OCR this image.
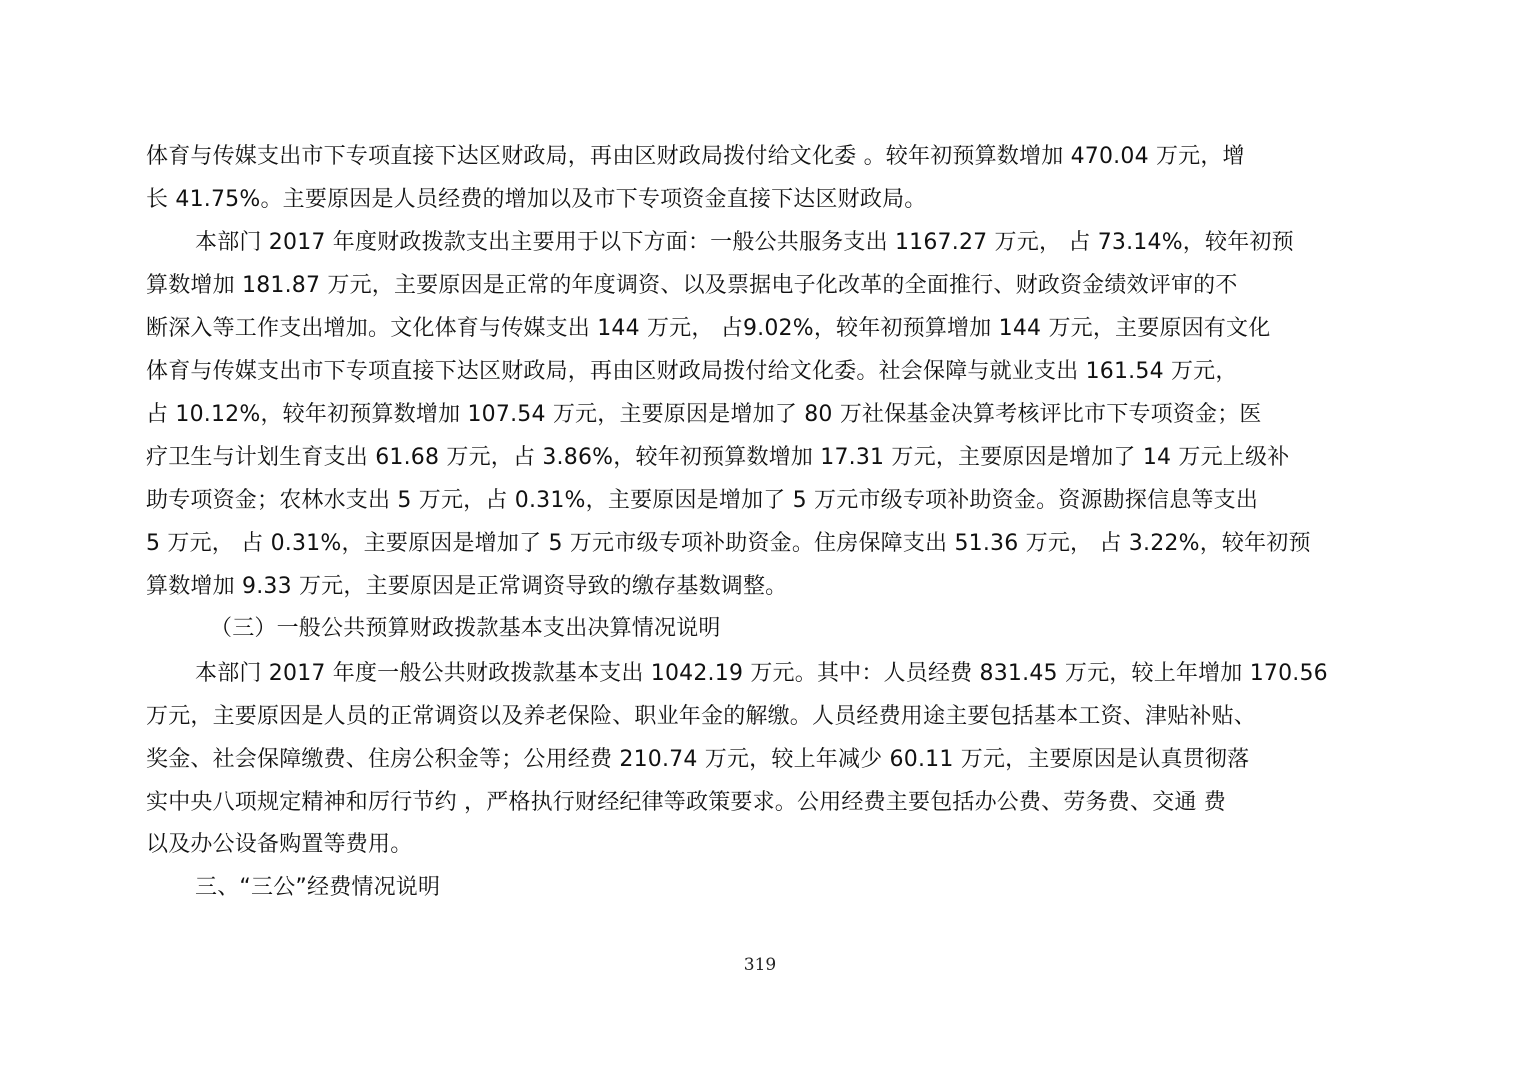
体育与传媒支出市下专项直接下达区财政局，再由区财政局拨付给文化委 。较年初预算数增加 470.04 万元，增
长 41.75%。主要原因是人员经费的增加以及市下专项资金直接下达区财政局。
本部门 2017 年度财政拨款支出主要用于以下方面：一般公共服务支出 1167.27 万元， 占 73.14%，较年初预
算数增加 181.87 万元，主要原因是正常的年度调资、以及票据电子化改革的全面推行、财政资金绩效评审的不
断深入等工作支出增加。文化体育与传媒支出 144 万元， 占9.02%，较年初预算增加 144 万元，主要原因有文化
体育与传媒支出市下专项直接下达区财政局，再由区财政局拨付给文化委。社会保障与就业支出 161.54 万元，
占 10.12%，较年初预算数增加 107.54 万元，主要原因是增加了 80 万社保基金决算考核评比市下专项资金；医
疗卫生与计划生育支出 61.68 万元，占 3.86%，较年初预算数增加 17.31 万元，主要原因是增加了 14 万元上级补
助专项资金；农林水支出 5 万元，占 0.31%，主要原因是增加了 5 万元市级专项补助资金。资源勘探信息等支出
5 万元， 占 0.31%，主要原因是增加了 5 万元市级专项补助资金。住房保障支出 51.36 万元， 占 3.22%，较年初预
算数增加 9.33 万元，主要原因是正常调资导致的缴存基数调整。
（三）一般公共预算财政拨款基本支出决算情况说明
本部门 2017 年度一般公共财政拨款基本支出 1042.19 万元。其中：人员经费 831.45 万元，较上年增加 170.56
万元，主要原因是人员的正常调资以及养老保险、职业年金的解缴。人员经费用途主要包括基本工资、津贴补贴、
奖金、社会保障缴费、住房公积金等；公用经费 210.74 万元，较上年减少 60.11 万元，主要原因是认真贯彻落
实中央八项规定精神和厉行节约 ，严格执行财经纪律等政策要求。公用经费主要包括办公费、劳务费、交通 费
以及办公设备购置等费用。
三、“三公”经费情况说明
319
